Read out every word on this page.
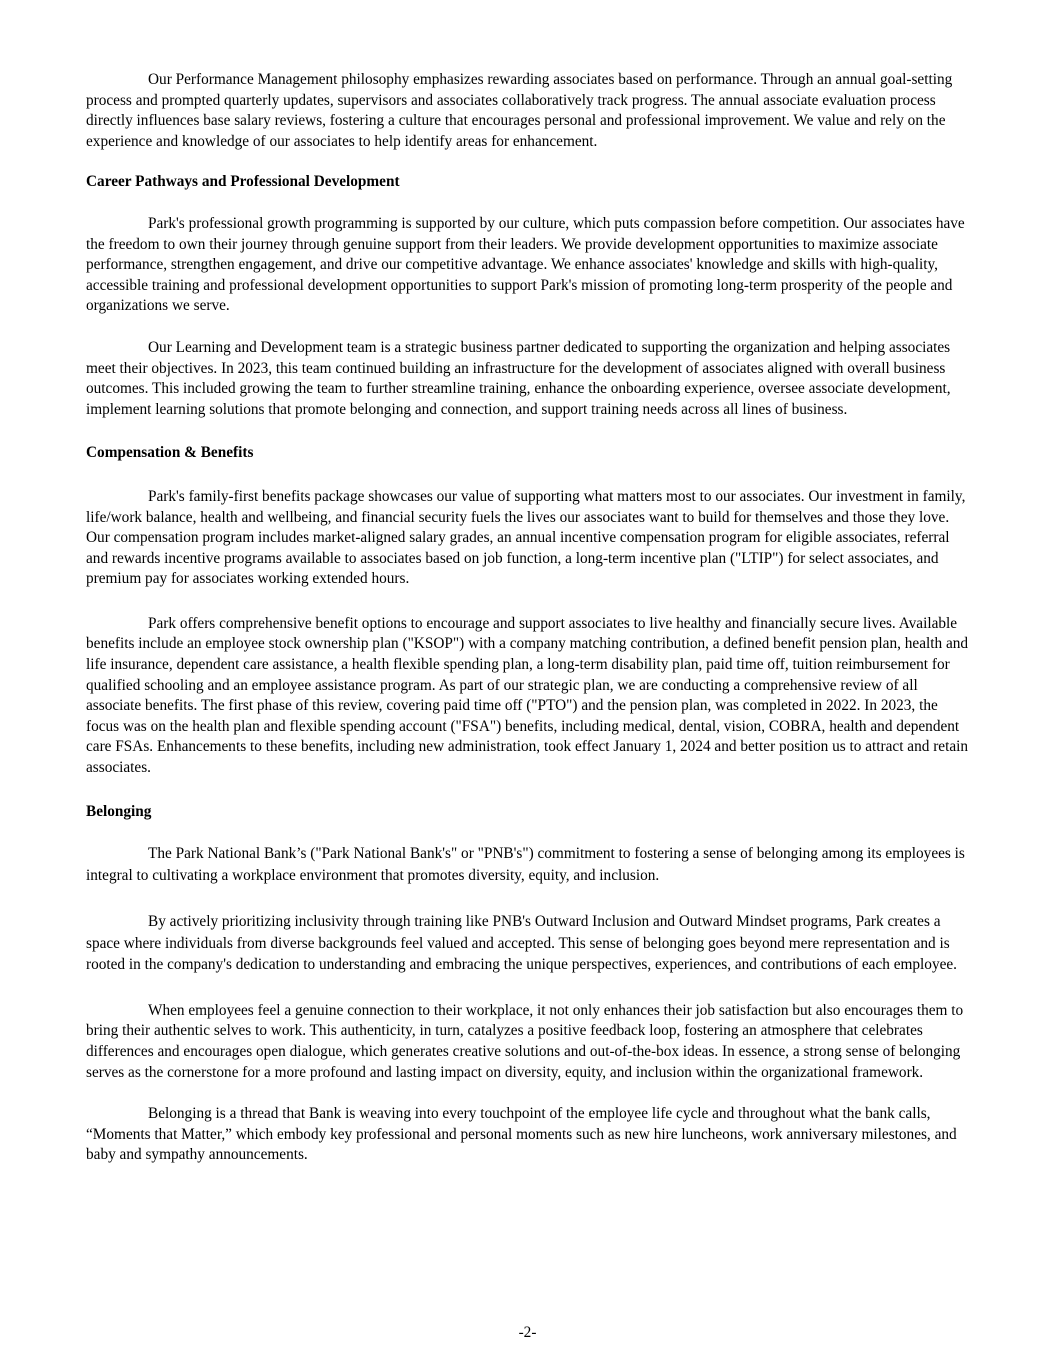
Our Performance Management philosophy emphasizes rewarding associates based on performance. Through an annual goal-setting process and prompted quarterly updates, supervisors and associates collaboratively track progress. The annual associate evaluation process directly influences base salary reviews, fostering a culture that encourages personal and professional improvement. We value and rely on the experience and knowledge of our associates to help identify areas for enhancement.

Career Pathways and Professional Development

Park's professional growth programming is supported by our culture, which puts compassion before competition. Our associates have the freedom to own their journey through genuine support from their leaders. We provide development opportunities to maximize associate performance, strengthen engagement, and drive our competitive advantage. We enhance associates' knowledge and skills with high-quality, accessible training and professional development opportunities to support Park's mission of promoting long-term prosperity of the people and organizations we serve.

Our Learning and Development team is a strategic business partner dedicated to supporting the organization and helping associates meet their objectives. In 2023, this team continued building an infrastructure for the development of associates aligned with overall business outcomes. This included growing the team to further streamline training, enhance the onboarding experience, oversee associate development, implement learning solutions that promote belonging and connection, and support training needs across all lines of business.

Compensation & Benefits

Park's family-first benefits package showcases our value of supporting what matters most to our associates. Our investment in family, life/work balance, health and wellbeing, and financial security fuels the lives our associates want to build for themselves and those they love. Our compensation program includes market-aligned salary grades, an annual incentive compensation program for eligible associates, referral and rewards incentive programs available to associates based on job function, a long-term incentive plan ("LTIP") for select associates, and premium pay for associates working extended hours.

Park offers comprehensive benefit options to encourage and support associates to live healthy and financially secure lives. Available benefits include an employee stock ownership plan ("KSOP") with a company matching contribution, a defined benefit pension plan, health and life insurance, dependent care assistance, a health flexible spending plan, a long-term disability plan, paid time off, tuition reimbursement for qualified schooling and an employee assistance program. As part of our strategic plan, we are conducting a comprehensive review of all associate benefits. The first phase of this review, covering paid time off ("PTO") and the pension plan, was completed in 2022. In 2023, the focus was on the health plan and flexible spending account ("FSA") benefits, including medical, dental, vision, COBRA, health and dependent care FSAs. Enhancements to these benefits, including new administration, took effect January 1, 2024 and better position us to attract and retain associates.

Belonging

The Park National Bank’s ("Park National Bank's" or "PNB's") commitment to fostering a sense of belonging among its employees is integral to cultivating a workplace environment that promotes diversity, equity, and inclusion.

By actively prioritizing inclusivity through training like PNB's Outward Inclusion and Outward Mindset programs, Park creates a space where individuals from diverse backgrounds feel valued and accepted. This sense of belonging goes beyond mere representation and is rooted in the company's dedication to understanding and embracing the unique perspectives, experiences, and contributions of each employee.

When employees feel a genuine connection to their workplace, it not only enhances their job satisfaction but also encourages them to bring their authentic selves to work. This authenticity, in turn, catalyzes a positive feedback loop, fostering an atmosphere that celebrates differences and encourages open dialogue, which generates creative solutions and out-of-the-box ideas. In essence, a strong sense of belonging serves as the cornerstone for a more profound and lasting impact on diversity, equity, and inclusion within the organizational framework.

Belonging is a thread that Bank is weaving into every touchpoint of the employee life cycle and throughout what the bank calls, “Moments that Matter,” which embody key professional and personal moments such as new hire luncheons, work anniversary milestones, and baby and sympathy announcements.

-2-
